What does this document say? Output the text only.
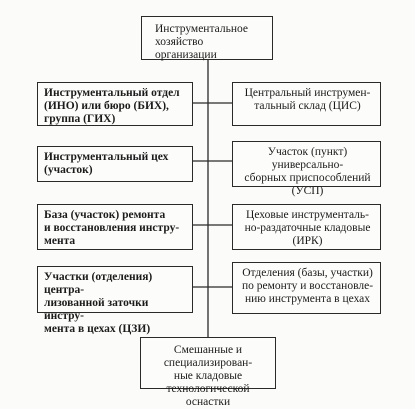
Инструментальное
хозяйство организации
Инструментальный отдел
(ИНО) или бюро (БИХ),
группа (ГИХ)
Инструментальный цех
(участок)
База (участок) ремонта
и восстановления инстру-
мента
Участки (отделения) центра-
лизованной заточки инстру-
мента в цехах (ЦЗИ)
Центральный инструмен-
тальный склад (ЦИС)
Участок (пункт) универсально-
сборных приспособлений
(УСП)
Цеховые инструменталь-
но-раздаточные кладовые
(ИРК)
Отделения (базы, участки)
по ремонту и восстановле-
нию инструмента в цехах
Смешанные и специализирован-
ные кладовые технологической
оснастки
